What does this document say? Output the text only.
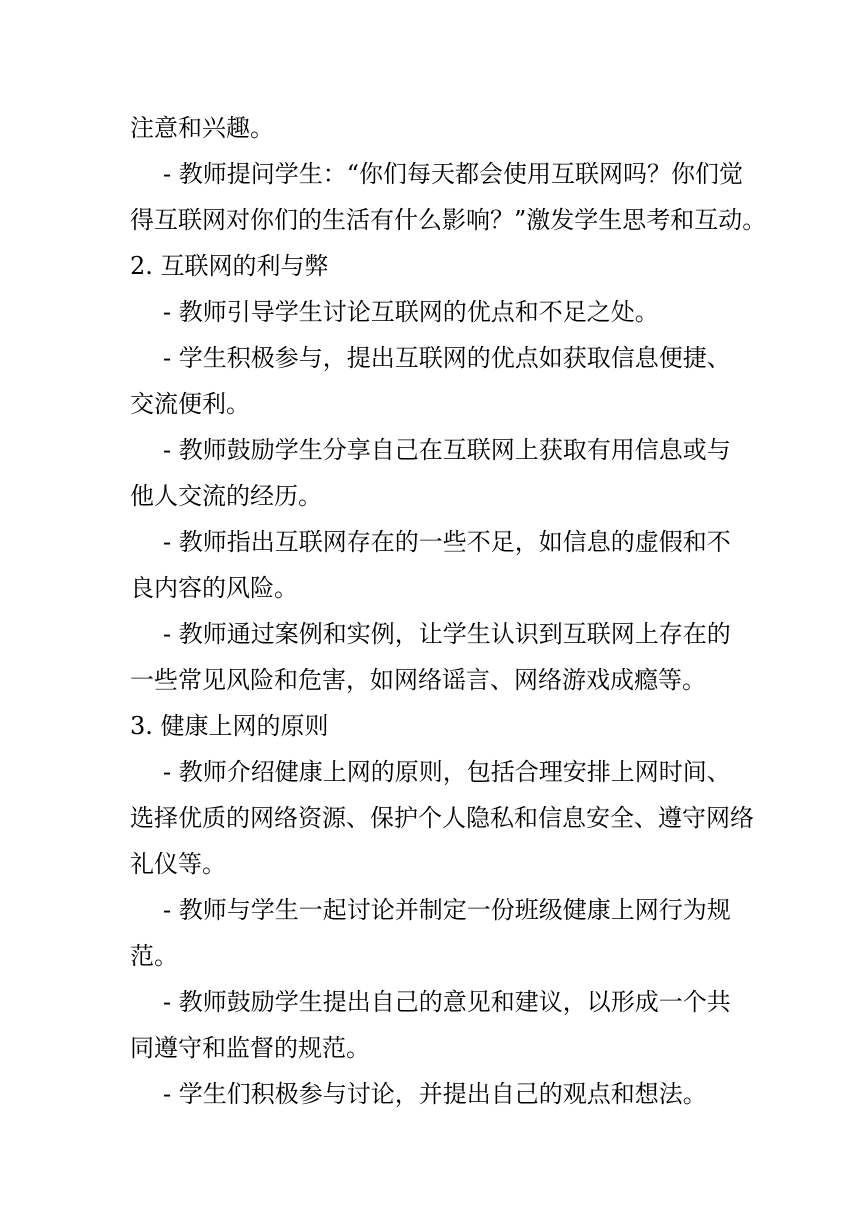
注意和兴趣。
- 教师提问学生：“你们每天都会使用互联网吗？你们觉
得互联网对你们的生活有什么影响？”激发学生思考和互动。
2. 互联网的利与弊
- 教师引导学生讨论互联网的优点和不足之处。
- 学生积极参与，提出互联网的优点如获取信息便捷、
交流便利。
- 教师鼓励学生分享自己在互联网上获取有用信息或与
他人交流的经历。
- 教师指出互联网存在的一些不足，如信息的虚假和不
良内容的风险。
- 教师通过案例和实例，让学生认识到互联网上存在的
一些常见风险和危害，如网络谣言、网络游戏成瘾等。
3. 健康上网的原则
- 教师介绍健康上网的原则，包括合理安排上网时间、
选择优质的网络资源、保护个人隐私和信息安全、遵守网络
礼仪等。
- 教师与学生一起讨论并制定一份班级健康上网行为规
范。
- 教师鼓励学生提出自己的意见和建议，以形成一个共
同遵守和监督的规范。
- 学生们积极参与讨论，并提出自己的观点和想法。
